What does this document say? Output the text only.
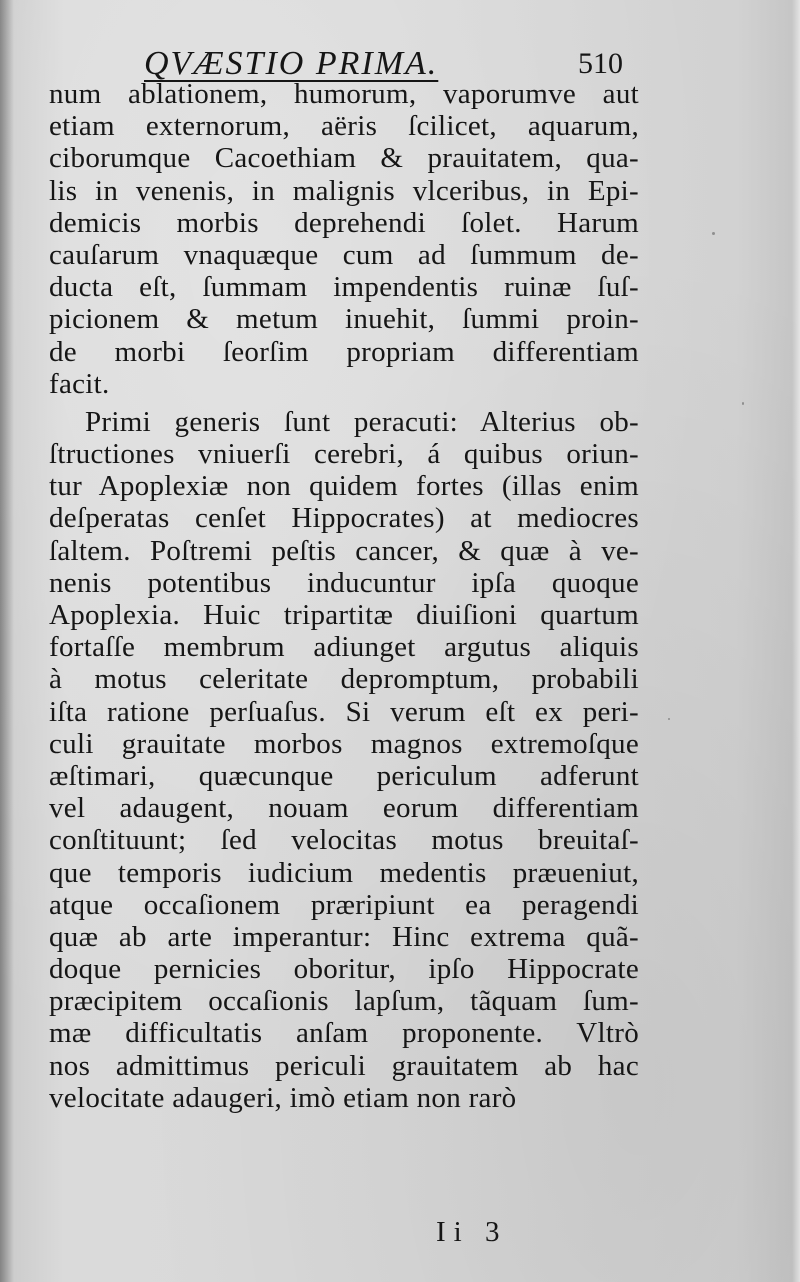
QVÆSTIO PRIMA.	510
num ablationem, humorum, vaporumve aut
etiam externorum, aëris ſcilicet, aquarum,
ciborumque Cacoethiam & prauitatem, qua-
lis in venenis, in malignis vlceribus, in Epi-
demicis morbis deprehendi ſolet. Harum
cauſarum vnaquæque cum ad ſummum de-
ducta eſt, ſummam impendentis ruinæ ſuſ-
picionem & metum inuehit, ſummi proin-
de morbi ſeorſim propriam differentiam
facit.
Primi generis ſunt peracuti: Alterius ob-
ſtructiones vniuerſi cerebri, á quibus oriun-
tur Apoplexiæ non quidem fortes (illas enim
deſperatas cenſet Hippocrates) at mediocres
ſaltem. Poſtremi peſtis cancer, & quæ à ve-
nenis potentibus inducuntur ipſa quoque
Apoplexia. Huic tripartitæ diuiſioni quartum
fortaſſe membrum adiunget argutus aliquis
à motus celeritate depromptum, probabili
iſta ratione perſuaſus. Si verum eſt ex peri-
culi grauitate morbos magnos extremoſque
æſtimari, quæcunque periculum adferunt
vel adaugent, nouam eorum differentiam
conſtituunt; ſed velocitas motus breuitaſ-
que temporis iudicium medentis præueniut,
atque occaſionem præripiunt ea peragendi
quæ ab arte imperantur: Hinc extrema quã-
doque pernicies oboritur, ipſo Hippocrate
præcipitem occaſionis lapſum, tãquam ſum-
mæ difficultatis anſam proponente. Vltrò
nos admittimus periculi grauitatem ab hac
velocitate adaugeri, imò etiam non rarò
Ii 3
